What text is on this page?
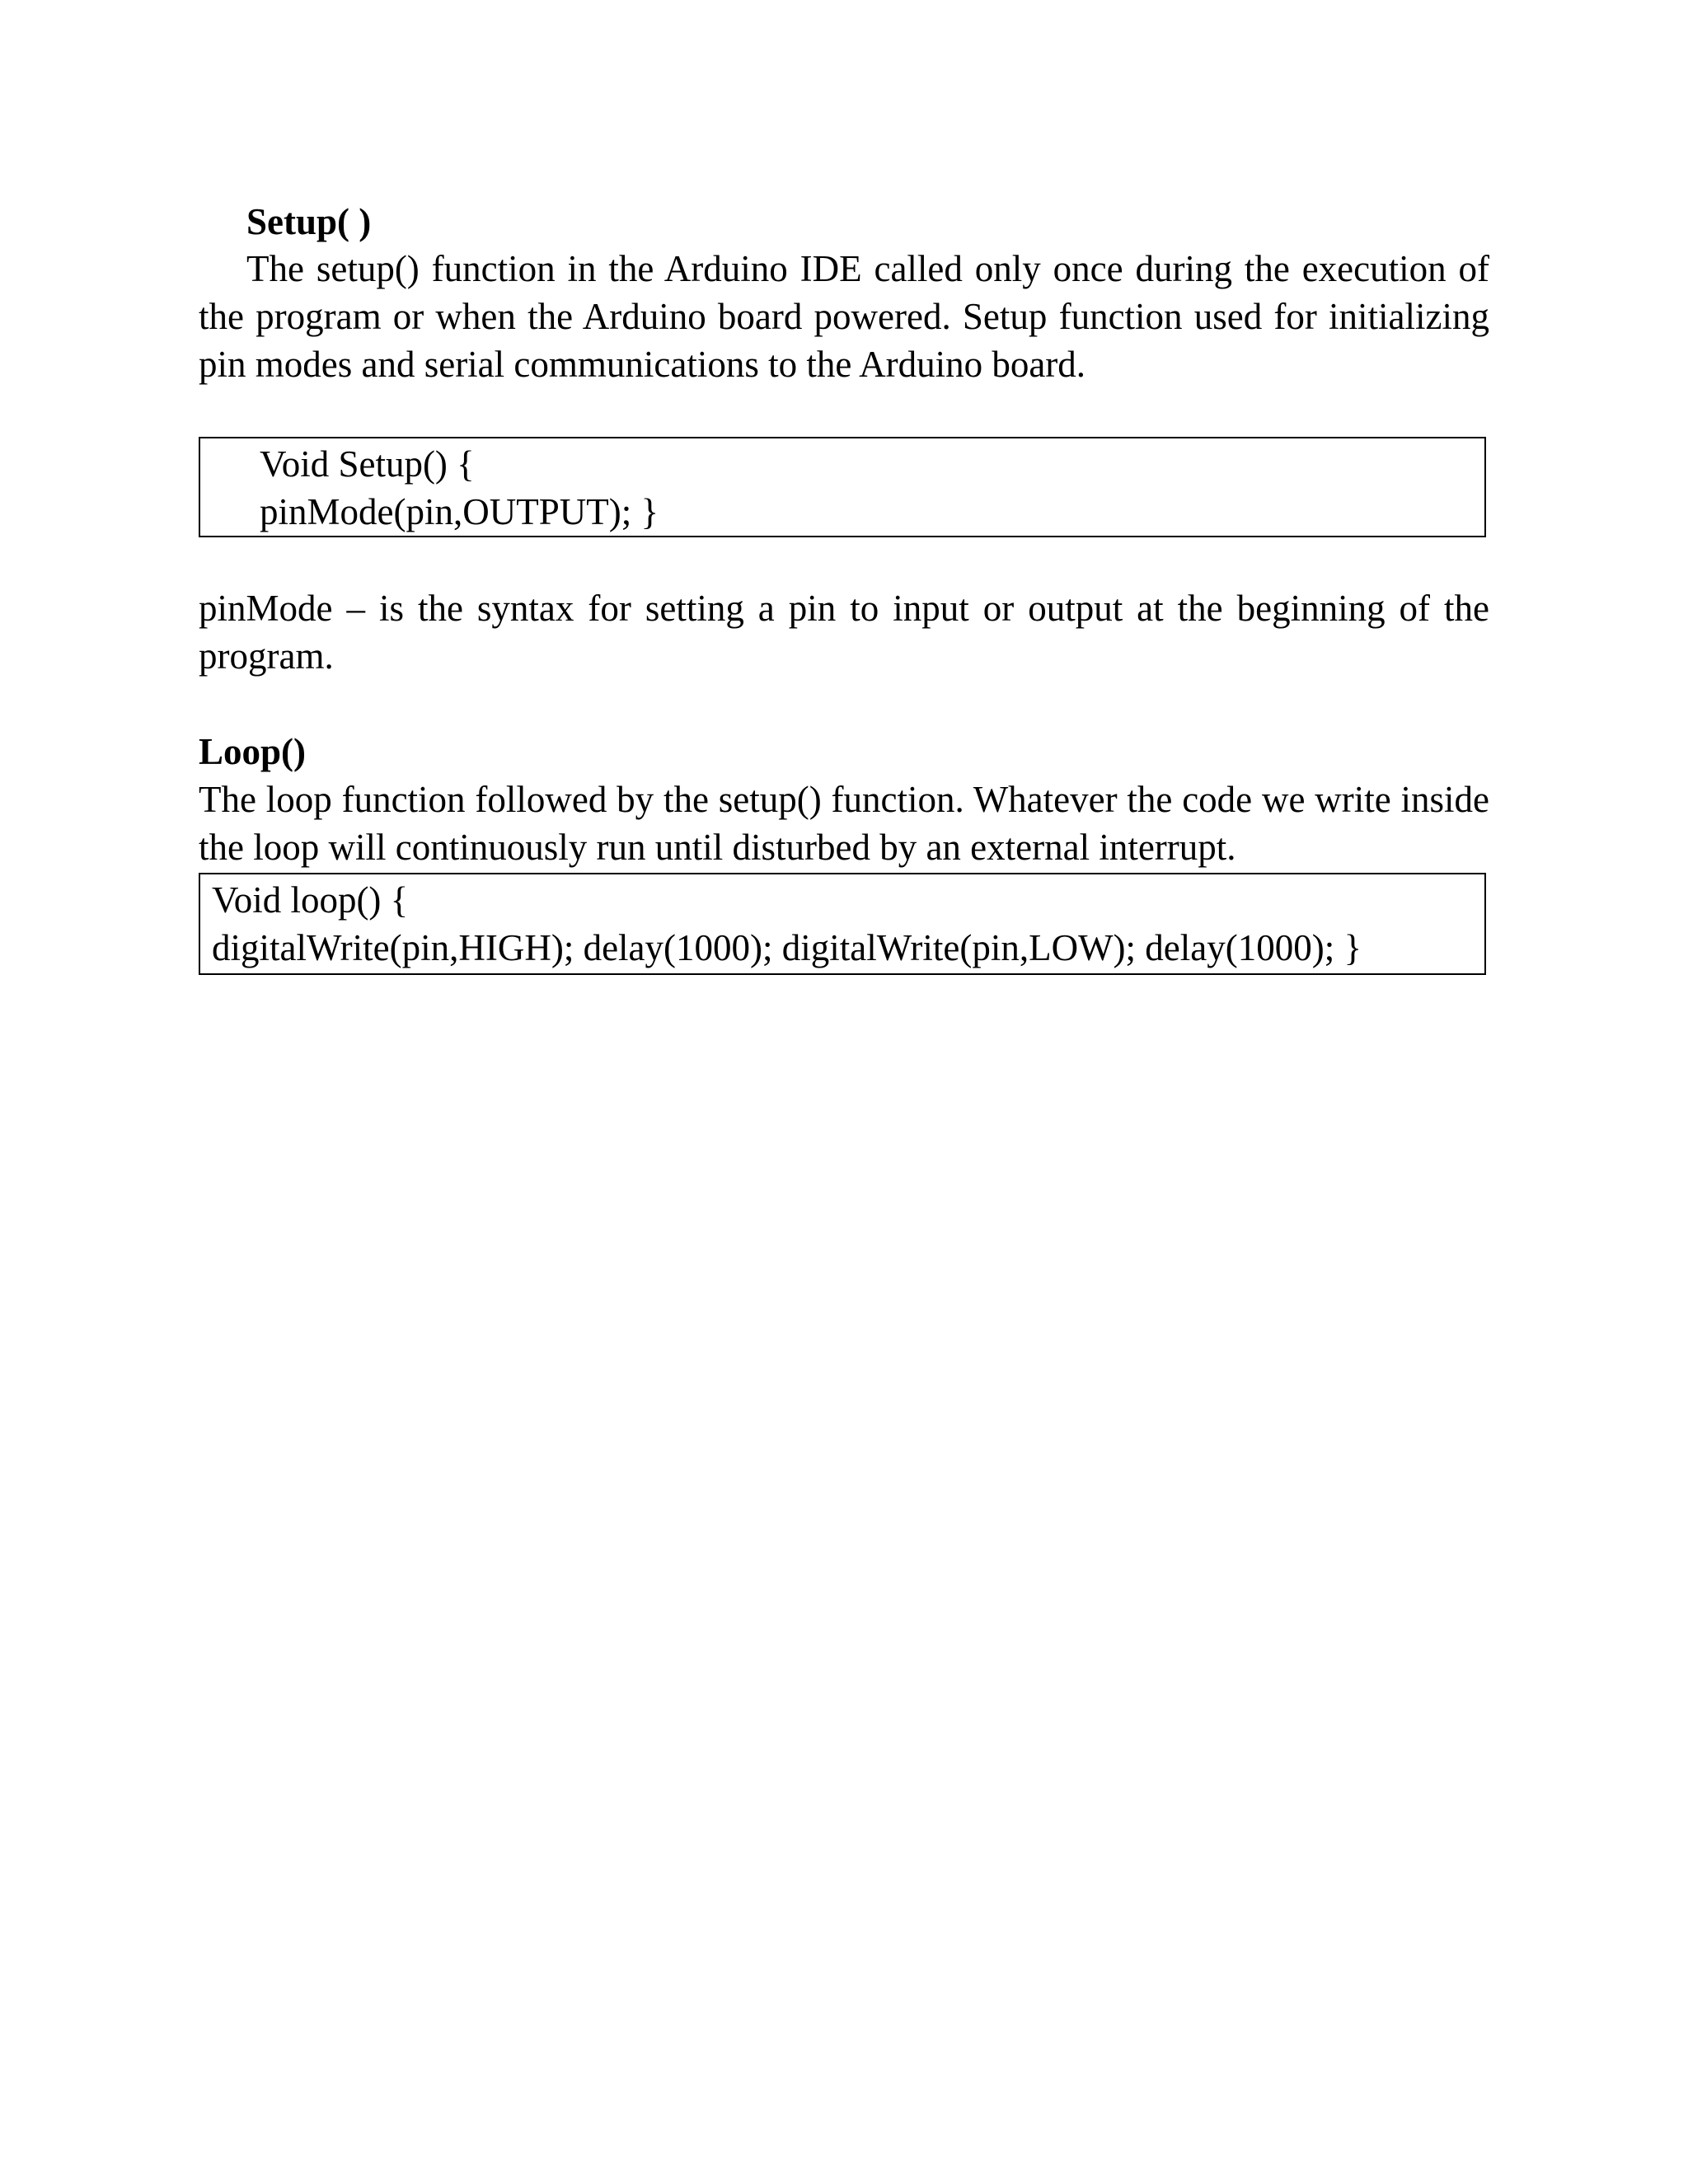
Setup( )

The setup() function in the Arduino IDE called only once during the execution of the program or when the Arduino board powered. Setup function used for initializing pin modes and serial communications to the Arduino board.

Void Setup() {
pinMode(pin,OUTPUT); }

pinMode – is the syntax for setting a pin to input or output at the beginning of the program.

Loop()

The loop function followed by the setup() function. Whatever the code we write inside the loop will continuously run until disturbed by an external interrupt.

Void loop() {
digitalWrite(pin,HIGH); delay(1000); digitalWrite(pin,LOW); delay(1000); }
